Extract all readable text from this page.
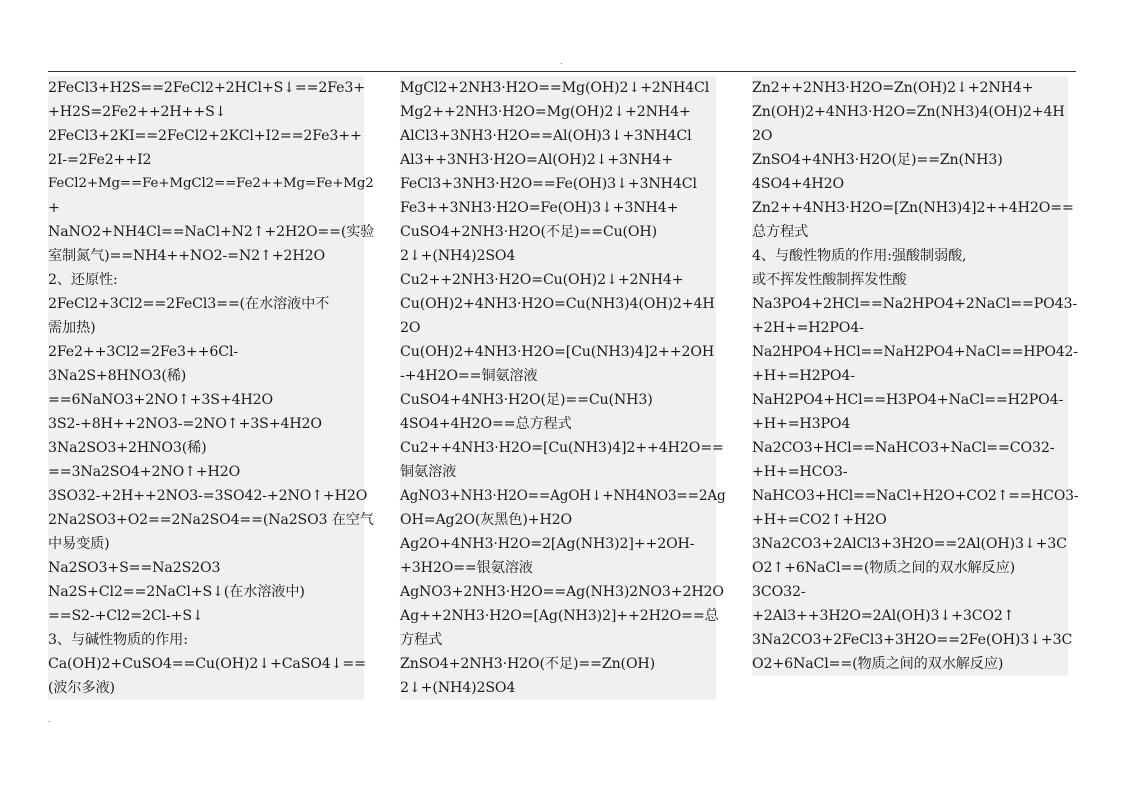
.
2FeCl3+H2S==2FeCl2+2HCl+S↓==2Fe3+
+H2S=2Fe2++2H++S↓
2FeCl3+2KI==2FeCl2+2KCl+I2==2Fe3++
2I-=2Fe2++I2
FeCl2+Mg==Fe+MgCl2==Fe2++Mg=Fe+Mg2
+
NaNO2+NH4Cl==NaCl+N2↑+2H2O==(实验
室制氮气)==NH4++NO2-=N2↑+2H2O
2、还原性:
2FeCl2+3Cl2==2FeCl3==(在水溶液中不
需加热)
2Fe2++3Cl2=2Fe3++6Cl-
3Na2S+8HNO3(稀)
==6NaNO3+2NO↑+3S+4H2O
3S2-+8H++2NO3-=2NO↑+3S+4H2O
3Na2SO3+2HNO3(稀)
==3Na2SO4+2NO↑+H2O
3SO32-+2H++2NO3-=3SO42-+2NO↑+H2O
2Na2SO3+O2==2Na2SO4==(Na2SO3 在空气
中易变质)
Na2SO3+S==Na2S2O3
Na2S+Cl2==2NaCl+S↓(在水溶液中)
==S2-+Cl2=2Cl-+S↓
3、与碱性物质的作用:
Ca(OH)2+CuSO4==Cu(OH)2↓+CaSO4↓==
(波尔多液)
MgCl2+2NH3·H2O==Mg(OH)2↓+2NH4Cl
Mg2++2NH3·H2O=Mg(OH)2↓+2NH4+
AlCl3+3NH3·H2O==Al(OH)3↓+3NH4Cl
Al3++3NH3·H2O=Al(OH)2↓+3NH4+
FeCl3+3NH3·H2O==Fe(OH)3↓+3NH4Cl
Fe3++3NH3·H2O=Fe(OH)3↓+3NH4+
CuSO4+2NH3·H2O(不足)==Cu(OH)
2↓+(NH4)2SO4
Cu2++2NH3·H2O=Cu(OH)2↓+2NH4+
Cu(OH)2+4NH3·H2O=Cu(NH3)4(OH)2+4H
2O
Cu(OH)2+4NH3·H2O=[Cu(NH3)4]2++2OH
-+4H2O==铜氨溶液
CuSO4+4NH3·H2O(足)==Cu(NH3)
4SO4+4H2O==总方程式
Cu2++4NH3·H2O=[Cu(NH3)4]2++4H2O==
铜氨溶液
AgNO3+NH3·H2O==AgOH↓+NH4NO3==2Ag
OH=Ag2O(灰黑色)+H2O
Ag2O+4NH3·H2O=2[Ag(NH3)2]++2OH-
+3H2O==银氨溶液
AgNO3+2NH3·H2O==Ag(NH3)2NO3+2H2O
Ag++2NH3·H2O=[Ag(NH3)2]++2H2O==总
方程式
ZnSO4+2NH3·H2O(不足)==Zn(OH)
2↓+(NH4)2SO4
Zn2++2NH3·H2O=Zn(OH)2↓+2NH4+
Zn(OH)2+4NH3·H2O=Zn(NH3)4(OH)2+4H
2O
ZnSO4+4NH3·H2O(足)==Zn(NH3)
4SO4+4H2O
Zn2++4NH3·H2O=[Zn(NH3)4]2++4H2O==
总方程式
4、与酸性物质的作用:强酸制弱酸,
或不挥发性酸制挥发性酸
Na3PO4+2HCl==Na2HPO4+2NaCl==PO43-
+2H+=H2PO4-
Na2HPO4+HCl==NaH2PO4+NaCl==HPO42-
+H+=H2PO4-
NaH2PO4+HCl==H3PO4+NaCl==H2PO4-
+H+=H3PO4
Na2CO3+HCl==NaHCO3+NaCl==CO32-
+H+=HCO3-
NaHCO3+HCl==NaCl+H2O+CO2↑==HCO3-
+H+=CO2↑+H2O
3Na2CO3+2AlCl3+3H2O==2Al(OH)3↓+3C
O2↑+6NaCl==(物质之间的双水解反应)
3CO32-
+2Al3++3H2O=2Al(OH)3↓+3CO2↑
3Na2CO3+2FeCl3+3H2O==2Fe(OH)3↓+3C
O2+6NaCl==(物质之间的双水解反应)
.
